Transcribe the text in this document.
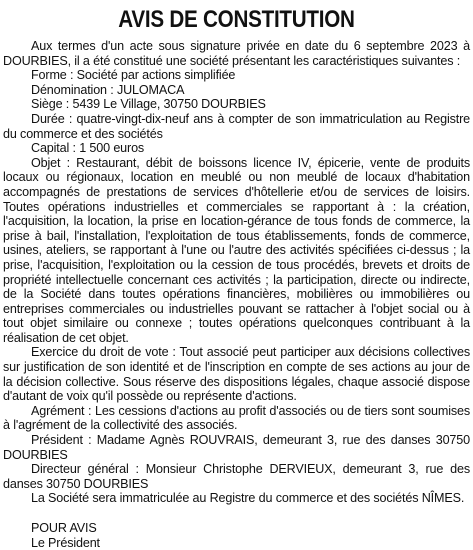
AVIS DE CONSTITUTION

Aux termes d'un acte sous signature privée en date du 6 septembre 2023 à DOURBIES, il a été constitué une société présentant les caractéristiques suivantes :

Forme : Société par actions simplifiée

Dénomination : JULOMACA

Siège : 5439 Le Village, 30750 DOURBIES

Durée : quatre-vingt-dix-neuf ans à compter de son immatriculation au Registre du commerce et des sociétés

Capital : 1 500 euros

Objet : Restaurant, débit de boissons licence IV, épicerie, vente de produits locaux ou régionaux, location en meublé ou non meublé de locaux d'habitation accompagnés de prestations de services d'hôtellerie et/ou de services de loisirs. Toutes opérations industrielles et commerciales se rapportant à : la création, l'acquisition, la location, la prise en location-gérance de tous fonds de commerce, la prise à bail, l'installation, l'exploitation de tous établissements, fonds de commerce, usines, ateliers, se rapportant à l'une ou l'autre des activités spécifiées ci-dessus ; la prise, l'acquisition, l'exploitation ou la cession de tous procédés, brevets et droits de propriété intellectuelle concernant ces activités ; la participation, directe ou indirecte, de la Société dans toutes opérations financières, mobilières ou immobilières ou entreprises commerciales ou industrielles pouvant se rattacher à l'objet social ou à tout objet similaire ou connexe ; toutes opérations quelconques contribuant à la réalisation de cet objet.

Exercice du droit de vote : Tout associé peut participer aux décisions collectives sur justification de son identité et de l'inscription en compte de ses actions au jour de la décision collective. Sous réserve des dispositions légales, chaque associé dispose d'autant de voix qu'il possède ou représente d'actions.

Agrément : Les cessions d'actions au profit d'associés ou de tiers sont soumises à l'agrément de la collectivité des associés.

Président : Madame Agnès ROUVRAIS, demeurant 3, rue des danses 30750 DOURBIES

Directeur général : Monsieur Christophe DERVIEUX, demeurant 3, rue des danses 30750 DOURBIES

La Société sera immatriculée au Registre du commerce et des sociétés NÎMES.

POUR AVIS

Le Président
